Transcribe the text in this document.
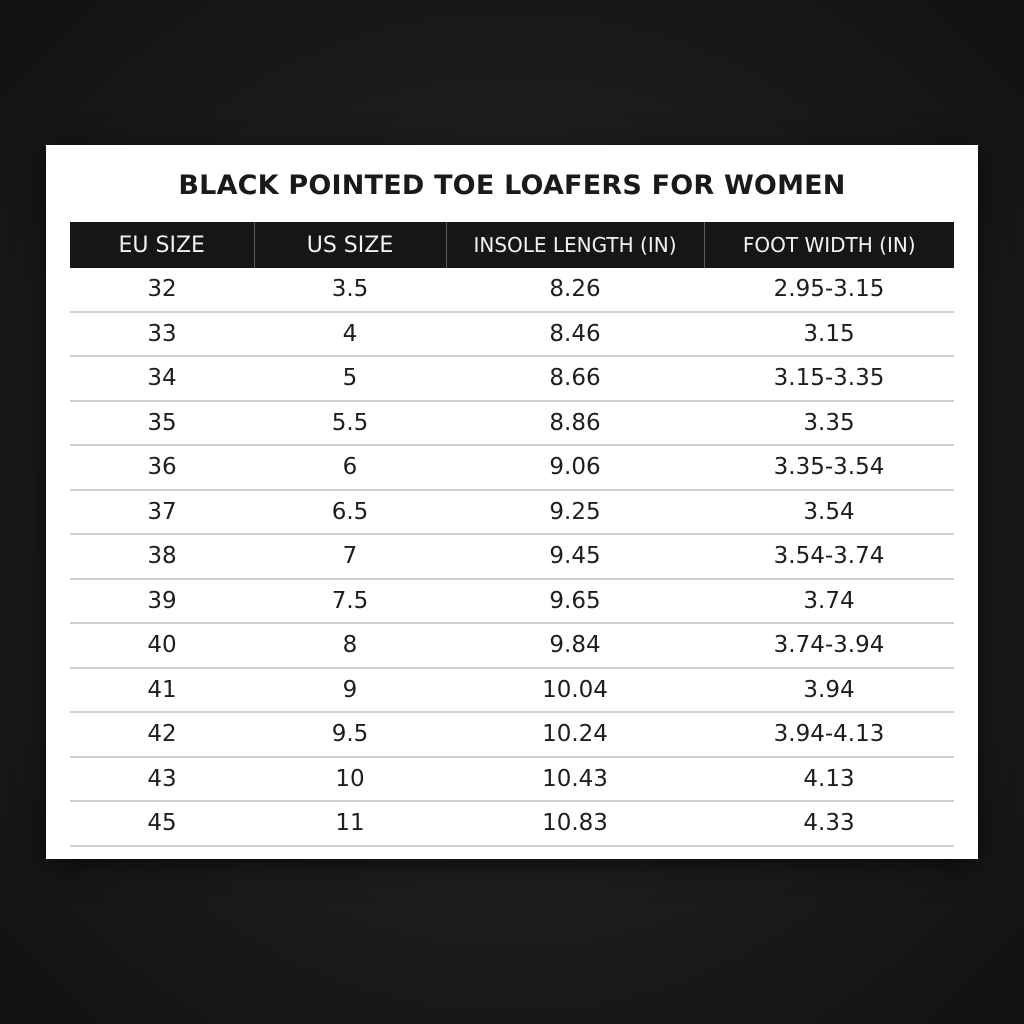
BLACK POINTED TOE LOAFERS FOR WOMEN
EU SIZE	US SIZE	INSOLE LENGTH (IN)	FOOT WIDTH (IN)
32	3.5	8.26	2.95-3.15
33	4	8.46	3.15
34	5	8.66	3.15-3.35
35	5.5	8.86	3.35
36	6	9.06	3.35-3.54
37	6.5	9.25	3.54
38	7	9.45	3.54-3.74
39	7.5	9.65	3.74
40	8	9.84	3.74-3.94
41	9	10.04	3.94
42	9.5	10.24	3.94-4.13
43	10	10.43	4.13
45	11	10.83	4.33
